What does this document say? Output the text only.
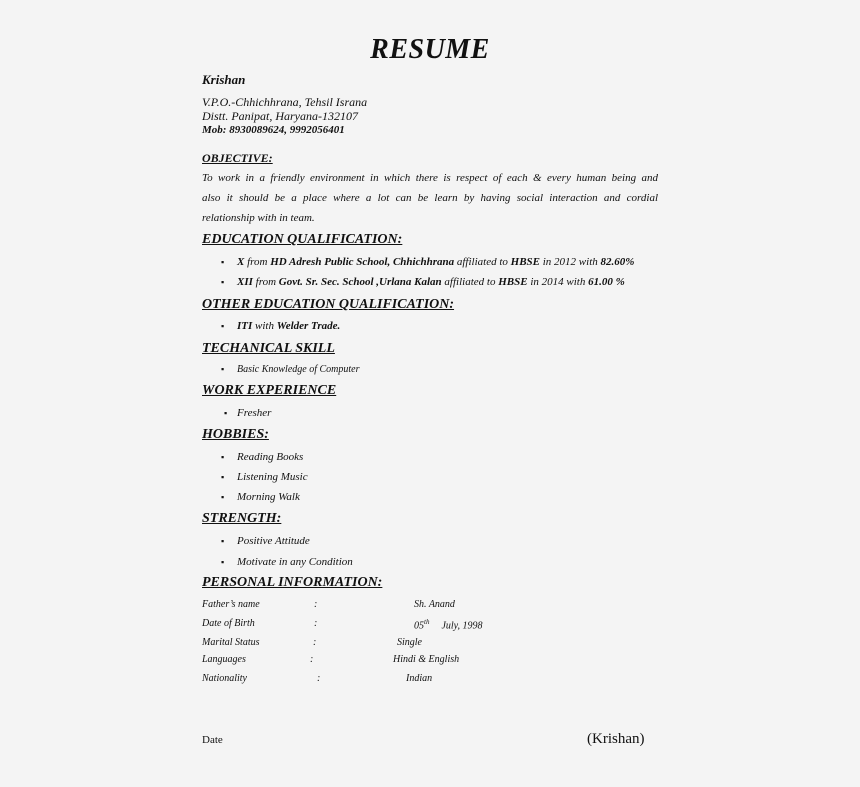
RESUME
Krishan
V.P.O.-Chhichhrana, Tehsil Israna
Distt. Panipat, Haryana-132107
Mob: 8930089624, 9992056401
OBJECTIVE:
To work in a friendly environment in which there is respect of each & every human being and
also it should be a place where a lot can be learn by having social interaction and cordial
relationship with in team.
EDUCATION QUALIFICATION:
▪ X from HD Adresh Public School, Chhichhrana affiliated to HBSE in 2012 with 82.60%
▪ XII from Govt. Sr. Sec. School ,Urlana Kalan affiliated to HBSE in 2014 with 61.00 %
OTHER EDUCATION QUALIFICATION:
▪ ITI with Welder Trade.
TECHANICAL SKILL
▪ Basic Knowledge of Computer
WORK EXPERIENCE
▪ Fresher
HOBBIES:
▪ Reading Books
▪ Listening Music
▪ Morning Walk
STRENGTH:
▪ Positive Attitude
▪ Motivate in any Condition
PERSONAL INFORMATION:
Father’s name	:	Sh. Anand
Date of Birth	:	05th July, 1998
Marital Status	:	Single
Languages	:	Hindi & English
Nationality	:	Indian
Date	(Krishan)
